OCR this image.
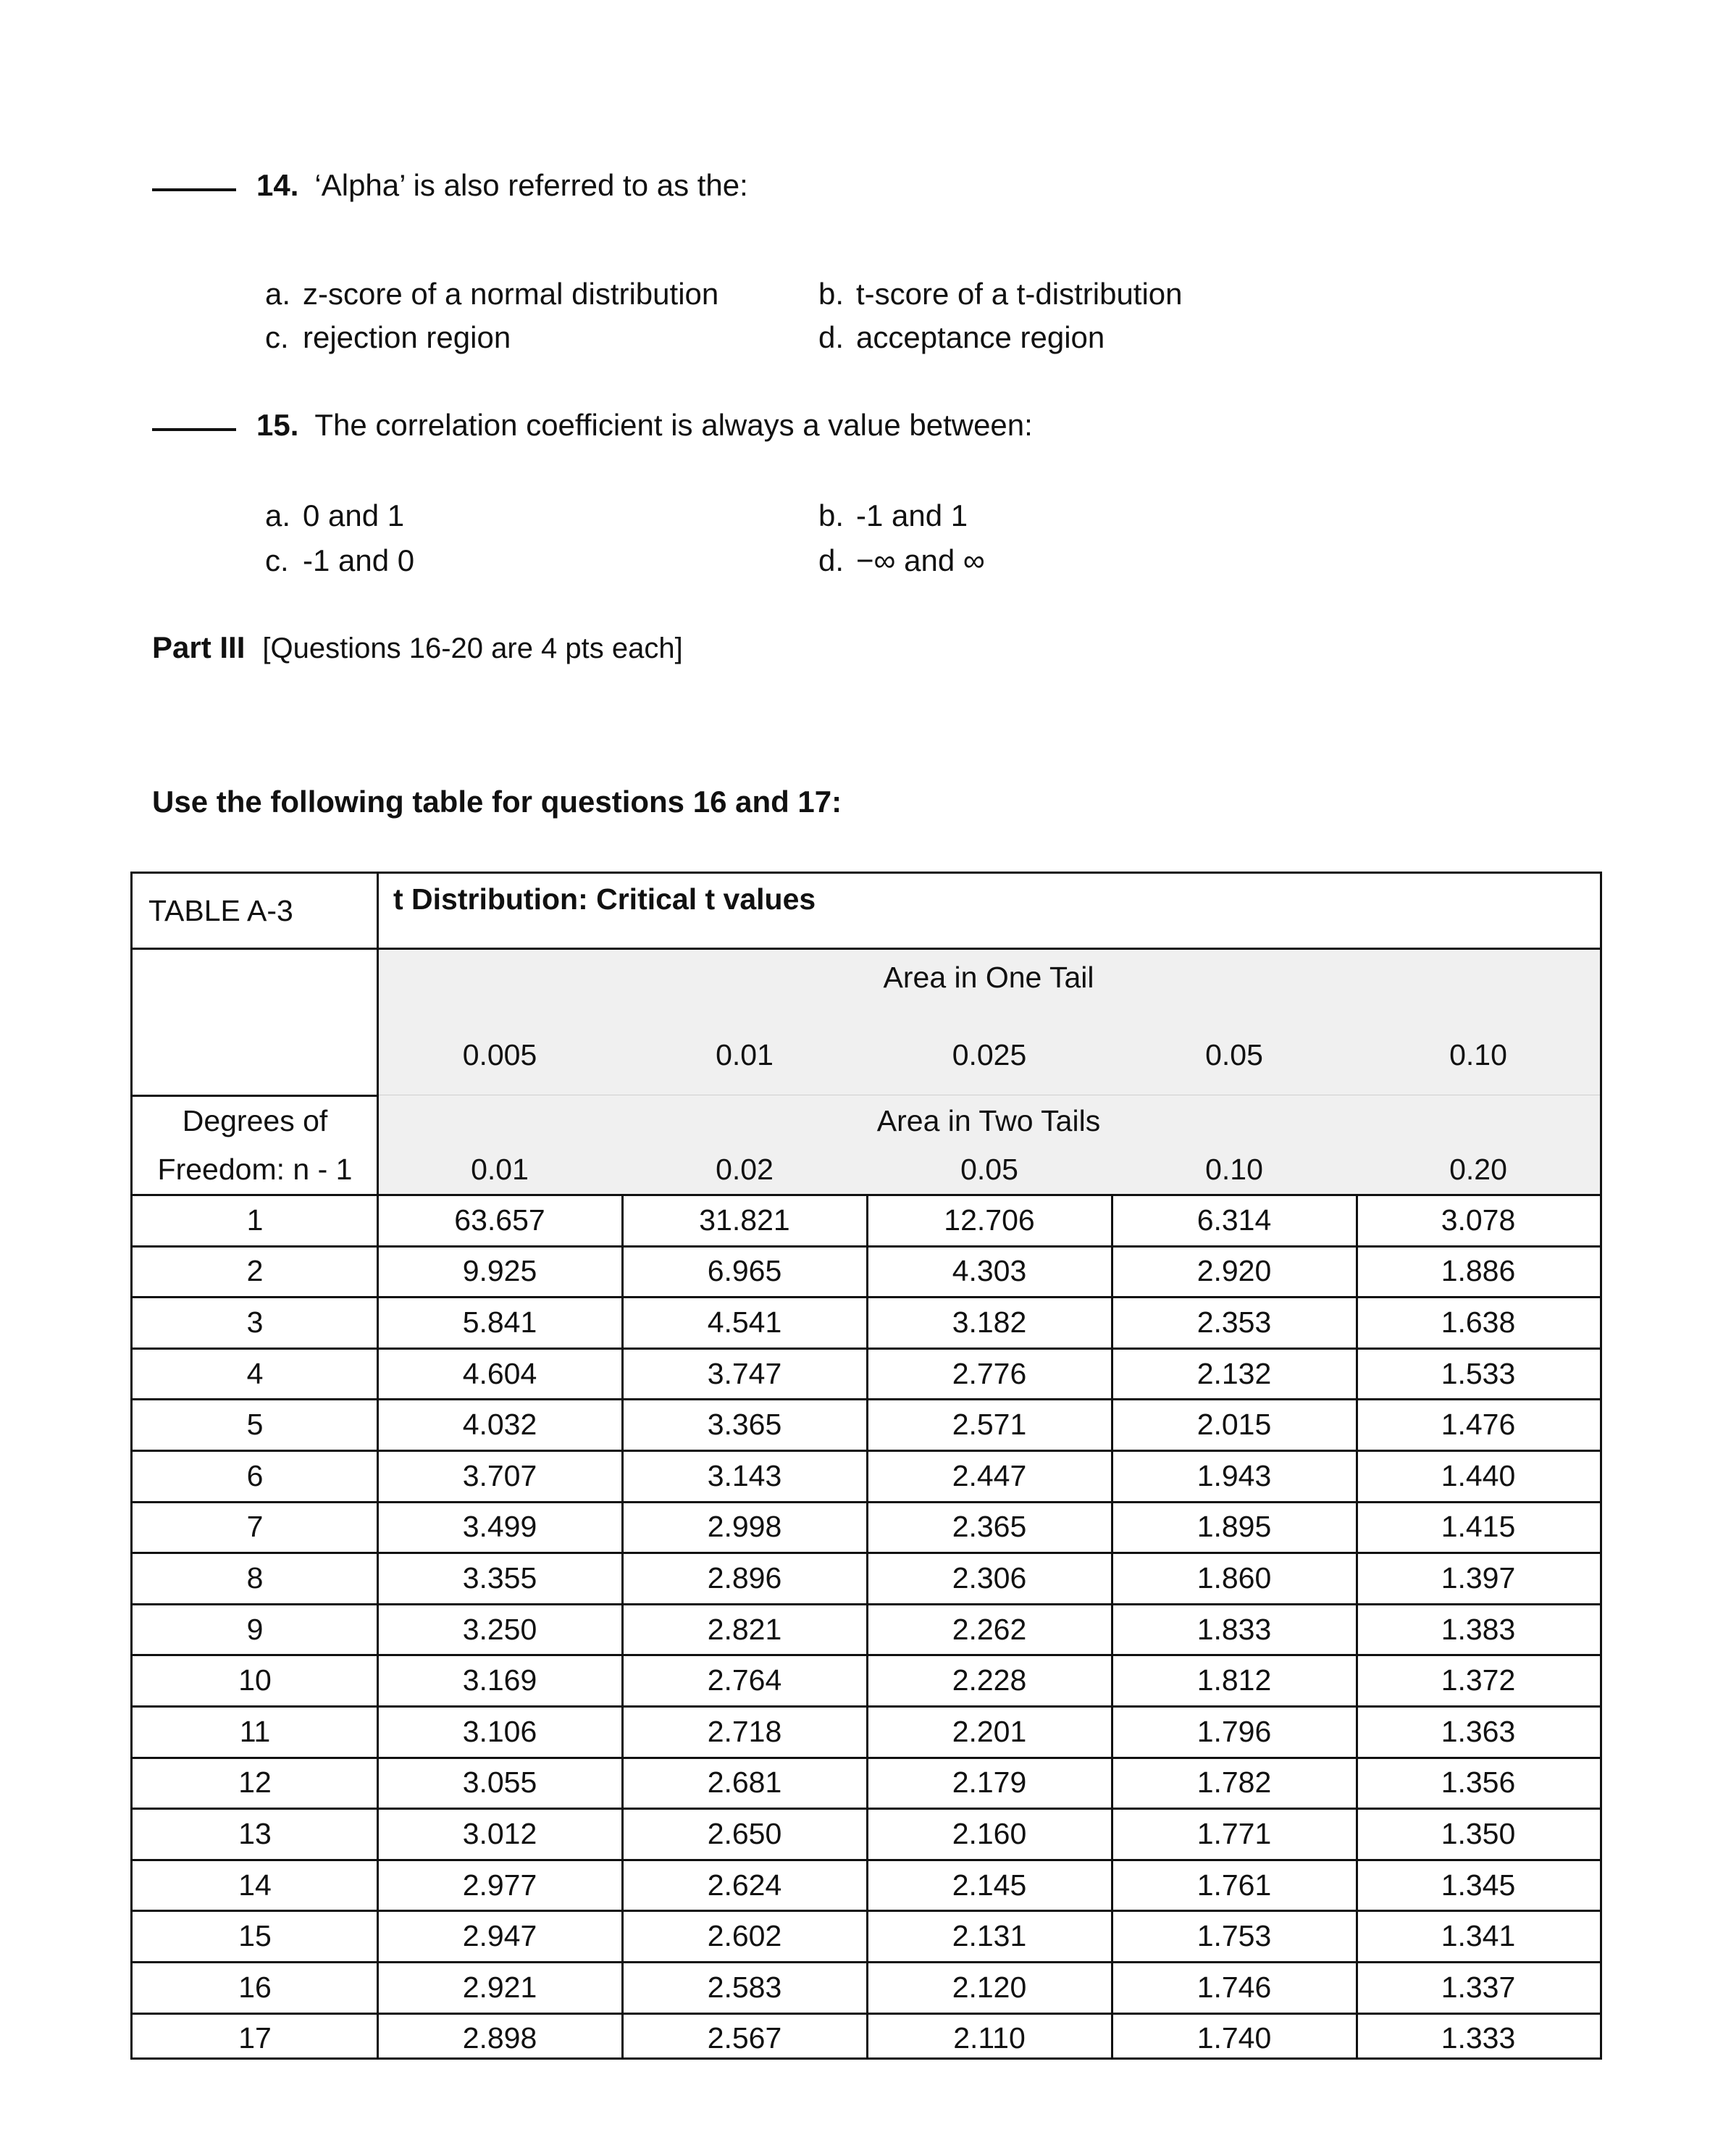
14. ‘Alpha’ is also referred to as the:
a. z-score of a normal distribution	b. t-score of a t-distribution
c. rejection region	d. acceptance region
15. The correlation coefficient is always a value between:
a. 0 and 1	b. -1 and 1
c. -1 and 0	d. −∞ and ∞
Part III [Questions 16-20 are 4 pts each]
Use the following table for questions 16 and 17:
TABLE A-3	t Distribution: Critical t values
Area in One Tail
0.005	0.01	0.025	0.05	0.10
Area in Two Tails
0.01	0.02	0.05	0.10	0.20
Degrees of
Freedom: n - 1
1	63.657	31.821	12.706	6.314	3.078
2	9.925	6.965	4.303	2.920	1.886
3	5.841	4.541	3.182	2.353	1.638
4	4.604	3.747	2.776	2.132	1.533
5	4.032	3.365	2.571	2.015	1.476
6	3.707	3.143	2.447	1.943	1.440
7	3.499	2.998	2.365	1.895	1.415
8	3.355	2.896	2.306	1.860	1.397
9	3.250	2.821	2.262	1.833	1.383
10	3.169	2.764	2.228	1.812	1.372
11	3.106	2.718	2.201	1.796	1.363
12	3.055	2.681	2.179	1.782	1.356
13	3.012	2.650	2.160	1.771	1.350
14	2.977	2.624	2.145	1.761	1.345
15	2.947	2.602	2.131	1.753	1.341
16	2.921	2.583	2.120	1.746	1.337
17	2.898	2.567	2.110	1.740	1.333
